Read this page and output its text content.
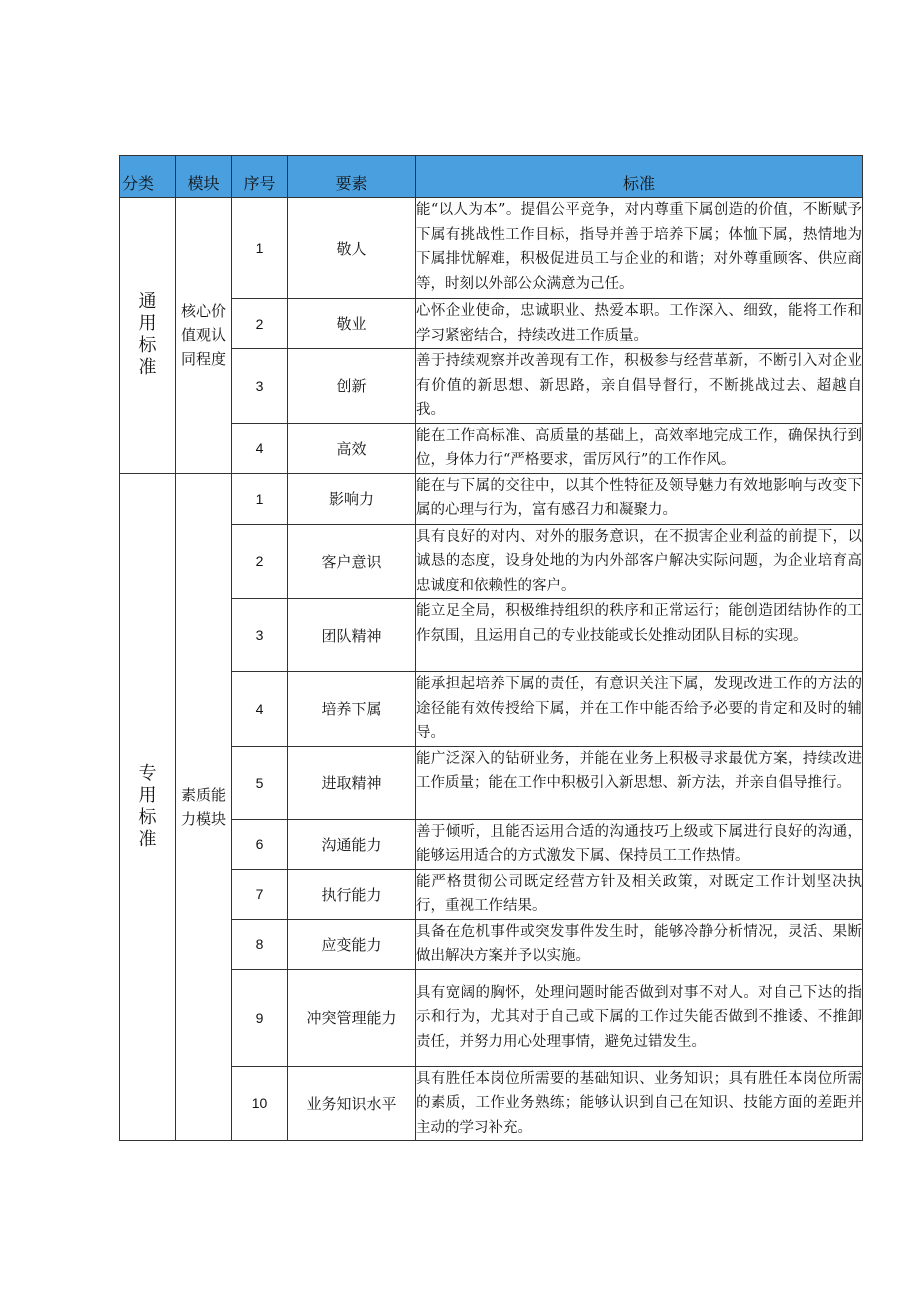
分类	模块	序号	要素	标准
通用标准	核心价值观认同程度	1	敬人	能“以人为本”。提倡公平竞争，对内尊重下属创造的价值，不断赋予下属有挑战性工作目标，指导并善于培养下属；体恤下属，热情地为下属排忧解难，积极促进员工与企业的和谐；对外尊重顾客、供应商等，时刻以外部公众满意为己任。
		2	敬业	心怀企业使命，忠诚职业、热爱本职。工作深入、细致，能将工作和学习紧密结合，持续改进工作质量。
		3	创新	善于持续观察并改善现有工作，积极参与经营革新，不断引入对企业有价值的新思想、新思路，亲自倡导督行，不断挑战过去、超越自我。
		4	高效	能在工作高标准、高质量的基础上，高效率地完成工作，确保执行到位，身体力行“严格要求，雷厉风行”的工作作风。
专用标准	素质能力模块	1	影响力	能在与下属的交往中，以其个性特征及领导魅力有效地影响与改变下属的心理与行为，富有感召力和凝聚力。
		2	客户意识	具有良好的对内、对外的服务意识，在不损害企业利益的前提下，以诚恳的态度，设身处地的为内外部客户解决实际问题，为企业培育高忠诚度和依赖性的客户。
		3	团队精神	能立足全局，积极维持组织的秩序和正常运行；能创造团结协作的工作氛围，且运用自己的专业技能或长处推动团队目标的实现。
		4	培养下属	能承担起培养下属的责任，有意识关注下属，发现改进工作的方法的途径能有效传授给下属，并在工作中能否给予必要的肯定和及时的辅导。
		5	进取精神	能广泛深入的钻研业务，并能在业务上积极寻求最优方案，持续改进工作质量；能在工作中积极引入新思想、新方法，并亲自倡导推行。
		6	沟通能力	善于倾听，且能否运用合适的沟通技巧上级或下属进行良好的沟通，能够运用适合的方式激发下属、保持员工工作热情。
		7	执行能力	能严格贯彻公司既定经营方针及相关政策，对既定工作计划坚决执行，重视工作结果。
		8	应变能力	具备在危机事件或突发事件发生时，能够冷静分析情况，灵活、果断做出解决方案并予以实施。
		9	冲突管理能力	具有宽阔的胸怀，处理问题时能否做到对事不对人。对自己下达的指示和行为，尤其对于自己或下属的工作过失能否做到不推诿、不推卸责任，并努力用心处理事情，避免过错发生。
		10	业务知识水平	具有胜任本岗位所需要的基础知识、业务知识；具有胜任本岗位所需的素质，工作业务熟练；能够认识到自己在知识、技能方面的差距并主动的学习补充。
